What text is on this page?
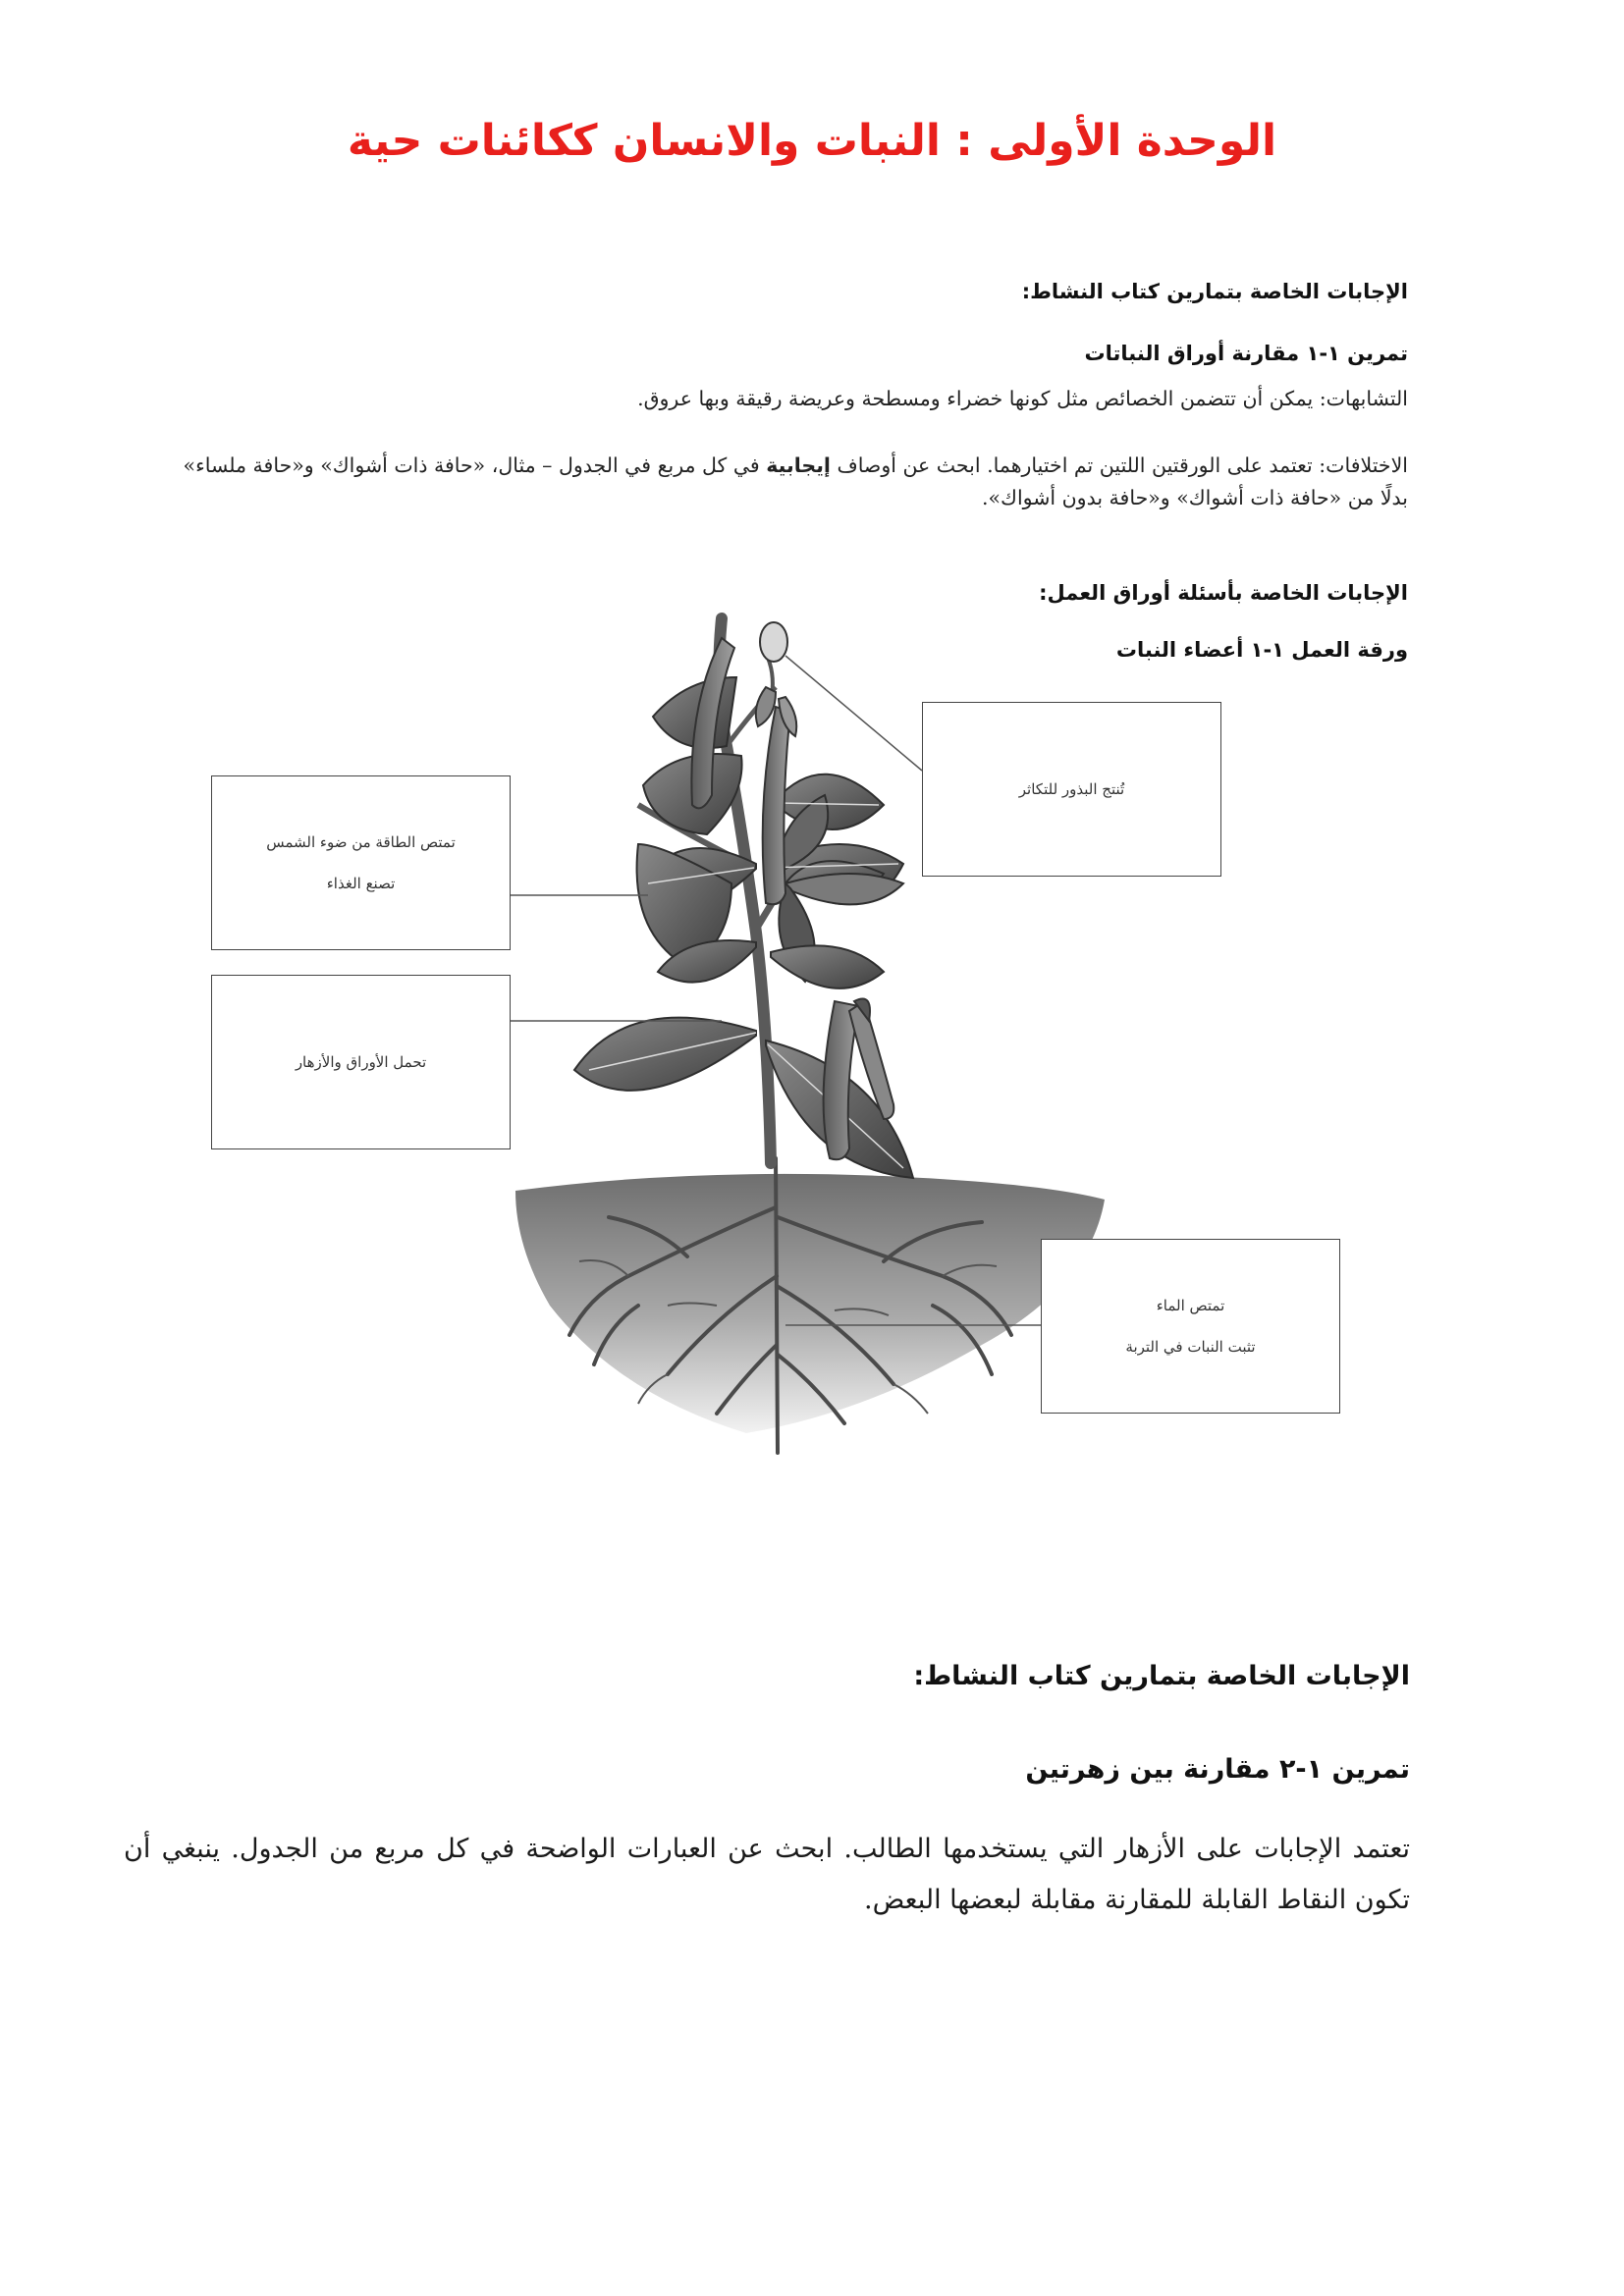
الوحدة الأولى : النبات والانسان ككائنات حية
الإجابات الخاصة بتمارين كتاب النشاط:
تمرين ١-١ مقارنة أوراق النباتات
التشابهات: يمكن أن تتضمن الخصائص مثل كونها خضراء ومسطحة وعريضة رقيقة وبها عروق.
الاختلافات: تعتمد على الورقتين اللتين تم اختيارهما. ابحث عن أوصاف إيجابية في كل مربع في الجدول – مثال، «حافة ذات أشواك» و«حافة ملساء» بدلًا من «حافة ذات أشواك» و«حافة بدون أشواك».
الإجابات الخاصة بأسئلة أوراق العمل:
ورقة العمل ١-١ أعضاء النبات
تُنتج البذور للتكاثر
تمتص الطاقة من ضوء الشمس
تصنع الغذاء
تحمل الأوراق والأزهار
تمتص الماء
تثبت النبات في التربة
الإجابات الخاصة بتمارين كتاب النشاط:
تمرين ١-٢ مقارنة بين زهرتين
تعتمد الإجابات على الأزهار التي يستخدمها الطالب. ابحث عن العبارات الواضحة في كل مربع من الجدول. ينبغي أن تكون النقاط القابلة للمقارنة مقابلة لبعضها البعض.
